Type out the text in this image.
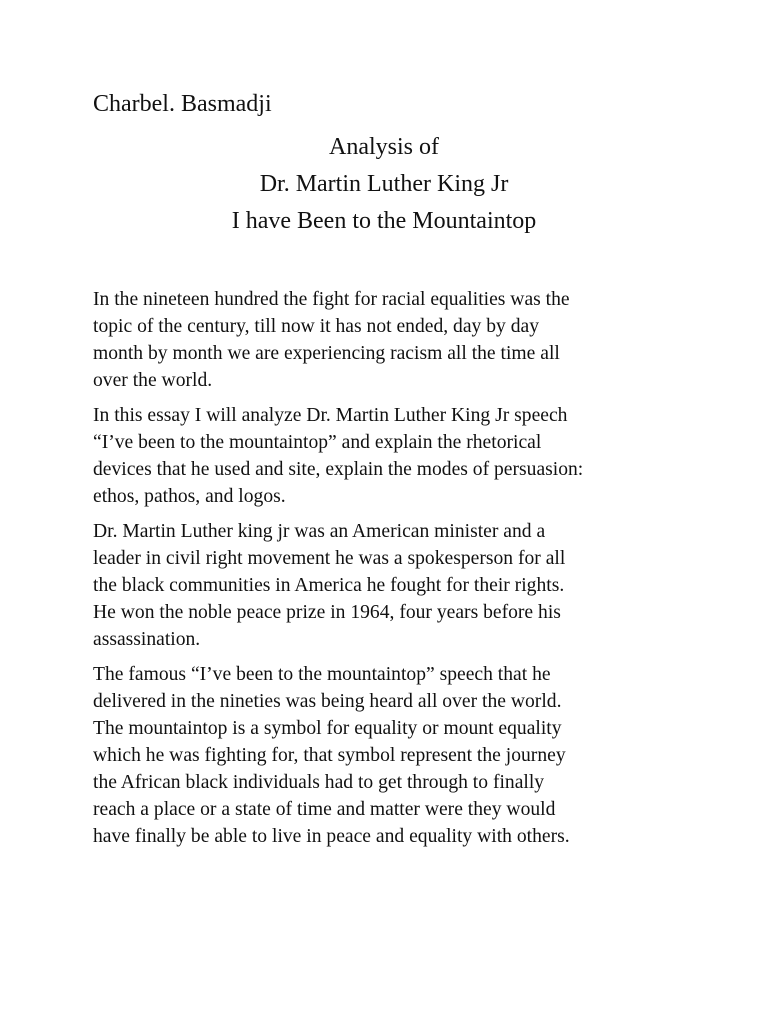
Charbel. Basmadji

Analysis of
Dr. Martin Luther King Jr
I have Been to the Mountaintop

In the nineteen hundred the fight for racial equalities was the
topic of the century, till now it has not ended, day by day
month by month we are experiencing racism all the time all
over the world.

In this essay I will analyze Dr. Martin Luther King Jr speech
“I’ve been to the mountaintop” and explain the rhetorical
devices that he used and site, explain the modes of persuasion:
ethos, pathos, and logos.

Dr. Martin Luther king jr was an American minister and a
leader in civil right movement he was a spokesperson for all
the black communities in America he fought for their rights.
He won the noble peace prize in 1964, four years before his
assassination.

The famous “I’ve been to the mountaintop” speech that he
delivered in the nineties was being heard all over the world.
The mountaintop is a symbol for equality or mount equality
which he was fighting for, that symbol represent the journey
the African black individuals had to get through to finally
reach a place or a state of time and matter were they would
have finally be able to live in peace and equality with others.
